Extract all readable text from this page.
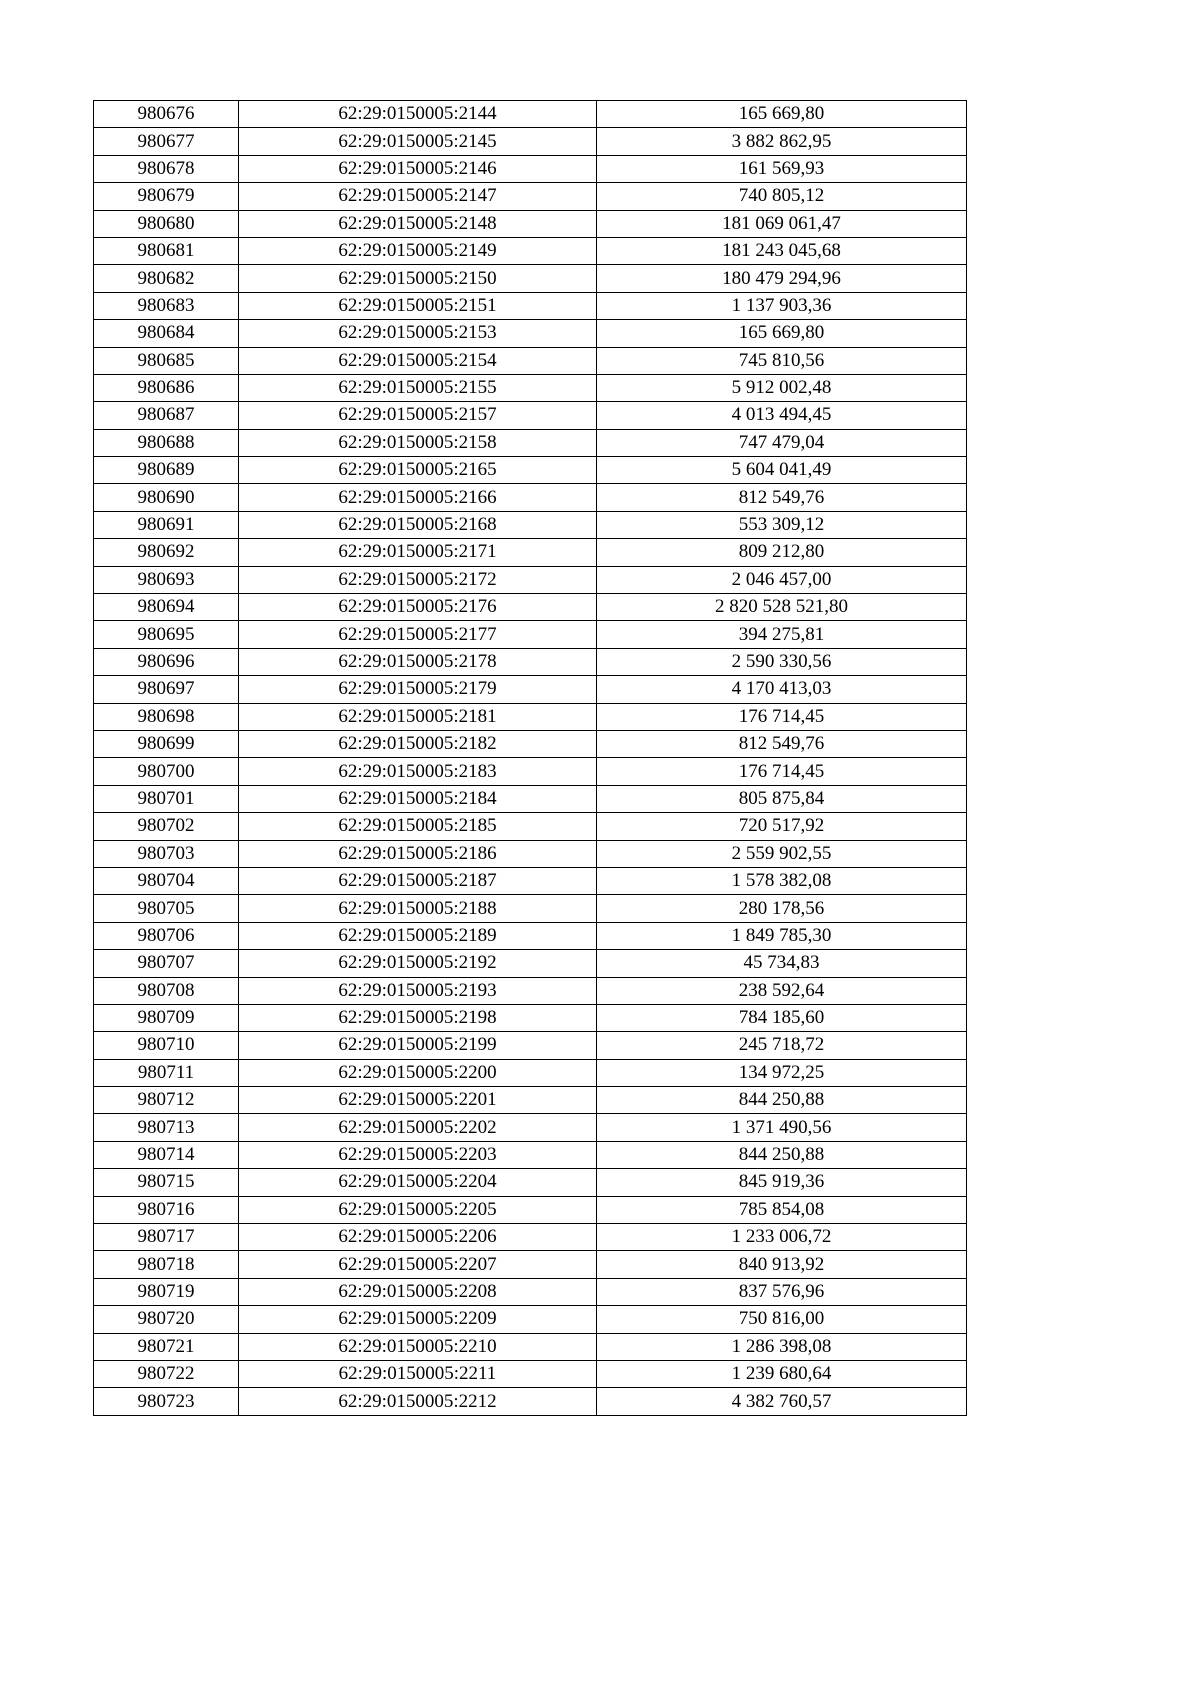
980676	62:29:0150005:2144	165 669,80
980677	62:29:0150005:2145	3 882 862,95
980678	62:29:0150005:2146	161 569,93
980679	62:29:0150005:2147	740 805,12
980680	62:29:0150005:2148	181 069 061,47
980681	62:29:0150005:2149	181 243 045,68
980682	62:29:0150005:2150	180 479 294,96
980683	62:29:0150005:2151	1 137 903,36
980684	62:29:0150005:2153	165 669,80
980685	62:29:0150005:2154	745 810,56
980686	62:29:0150005:2155	5 912 002,48
980687	62:29:0150005:2157	4 013 494,45
980688	62:29:0150005:2158	747 479,04
980689	62:29:0150005:2165	5 604 041,49
980690	62:29:0150005:2166	812 549,76
980691	62:29:0150005:2168	553 309,12
980692	62:29:0150005:2171	809 212,80
980693	62:29:0150005:2172	2 046 457,00
980694	62:29:0150005:2176	2 820 528 521,80
980695	62:29:0150005:2177	394 275,81
980696	62:29:0150005:2178	2 590 330,56
980697	62:29:0150005:2179	4 170 413,03
980698	62:29:0150005:2181	176 714,45
980699	62:29:0150005:2182	812 549,76
980700	62:29:0150005:2183	176 714,45
980701	62:29:0150005:2184	805 875,84
980702	62:29:0150005:2185	720 517,92
980703	62:29:0150005:2186	2 559 902,55
980704	62:29:0150005:2187	1 578 382,08
980705	62:29:0150005:2188	280 178,56
980706	62:29:0150005:2189	1 849 785,30
980707	62:29:0150005:2192	45 734,83
980708	62:29:0150005:2193	238 592,64
980709	62:29:0150005:2198	784 185,60
980710	62:29:0150005:2199	245 718,72
980711	62:29:0150005:2200	134 972,25
980712	62:29:0150005:2201	844 250,88
980713	62:29:0150005:2202	1 371 490,56
980714	62:29:0150005:2203	844 250,88
980715	62:29:0150005:2204	845 919,36
980716	62:29:0150005:2205	785 854,08
980717	62:29:0150005:2206	1 233 006,72
980718	62:29:0150005:2207	840 913,92
980719	62:29:0150005:2208	837 576,96
980720	62:29:0150005:2209	750 816,00
980721	62:29:0150005:2210	1 286 398,08
980722	62:29:0150005:2211	1 239 680,64
980723	62:29:0150005:2212	4 382 760,57
